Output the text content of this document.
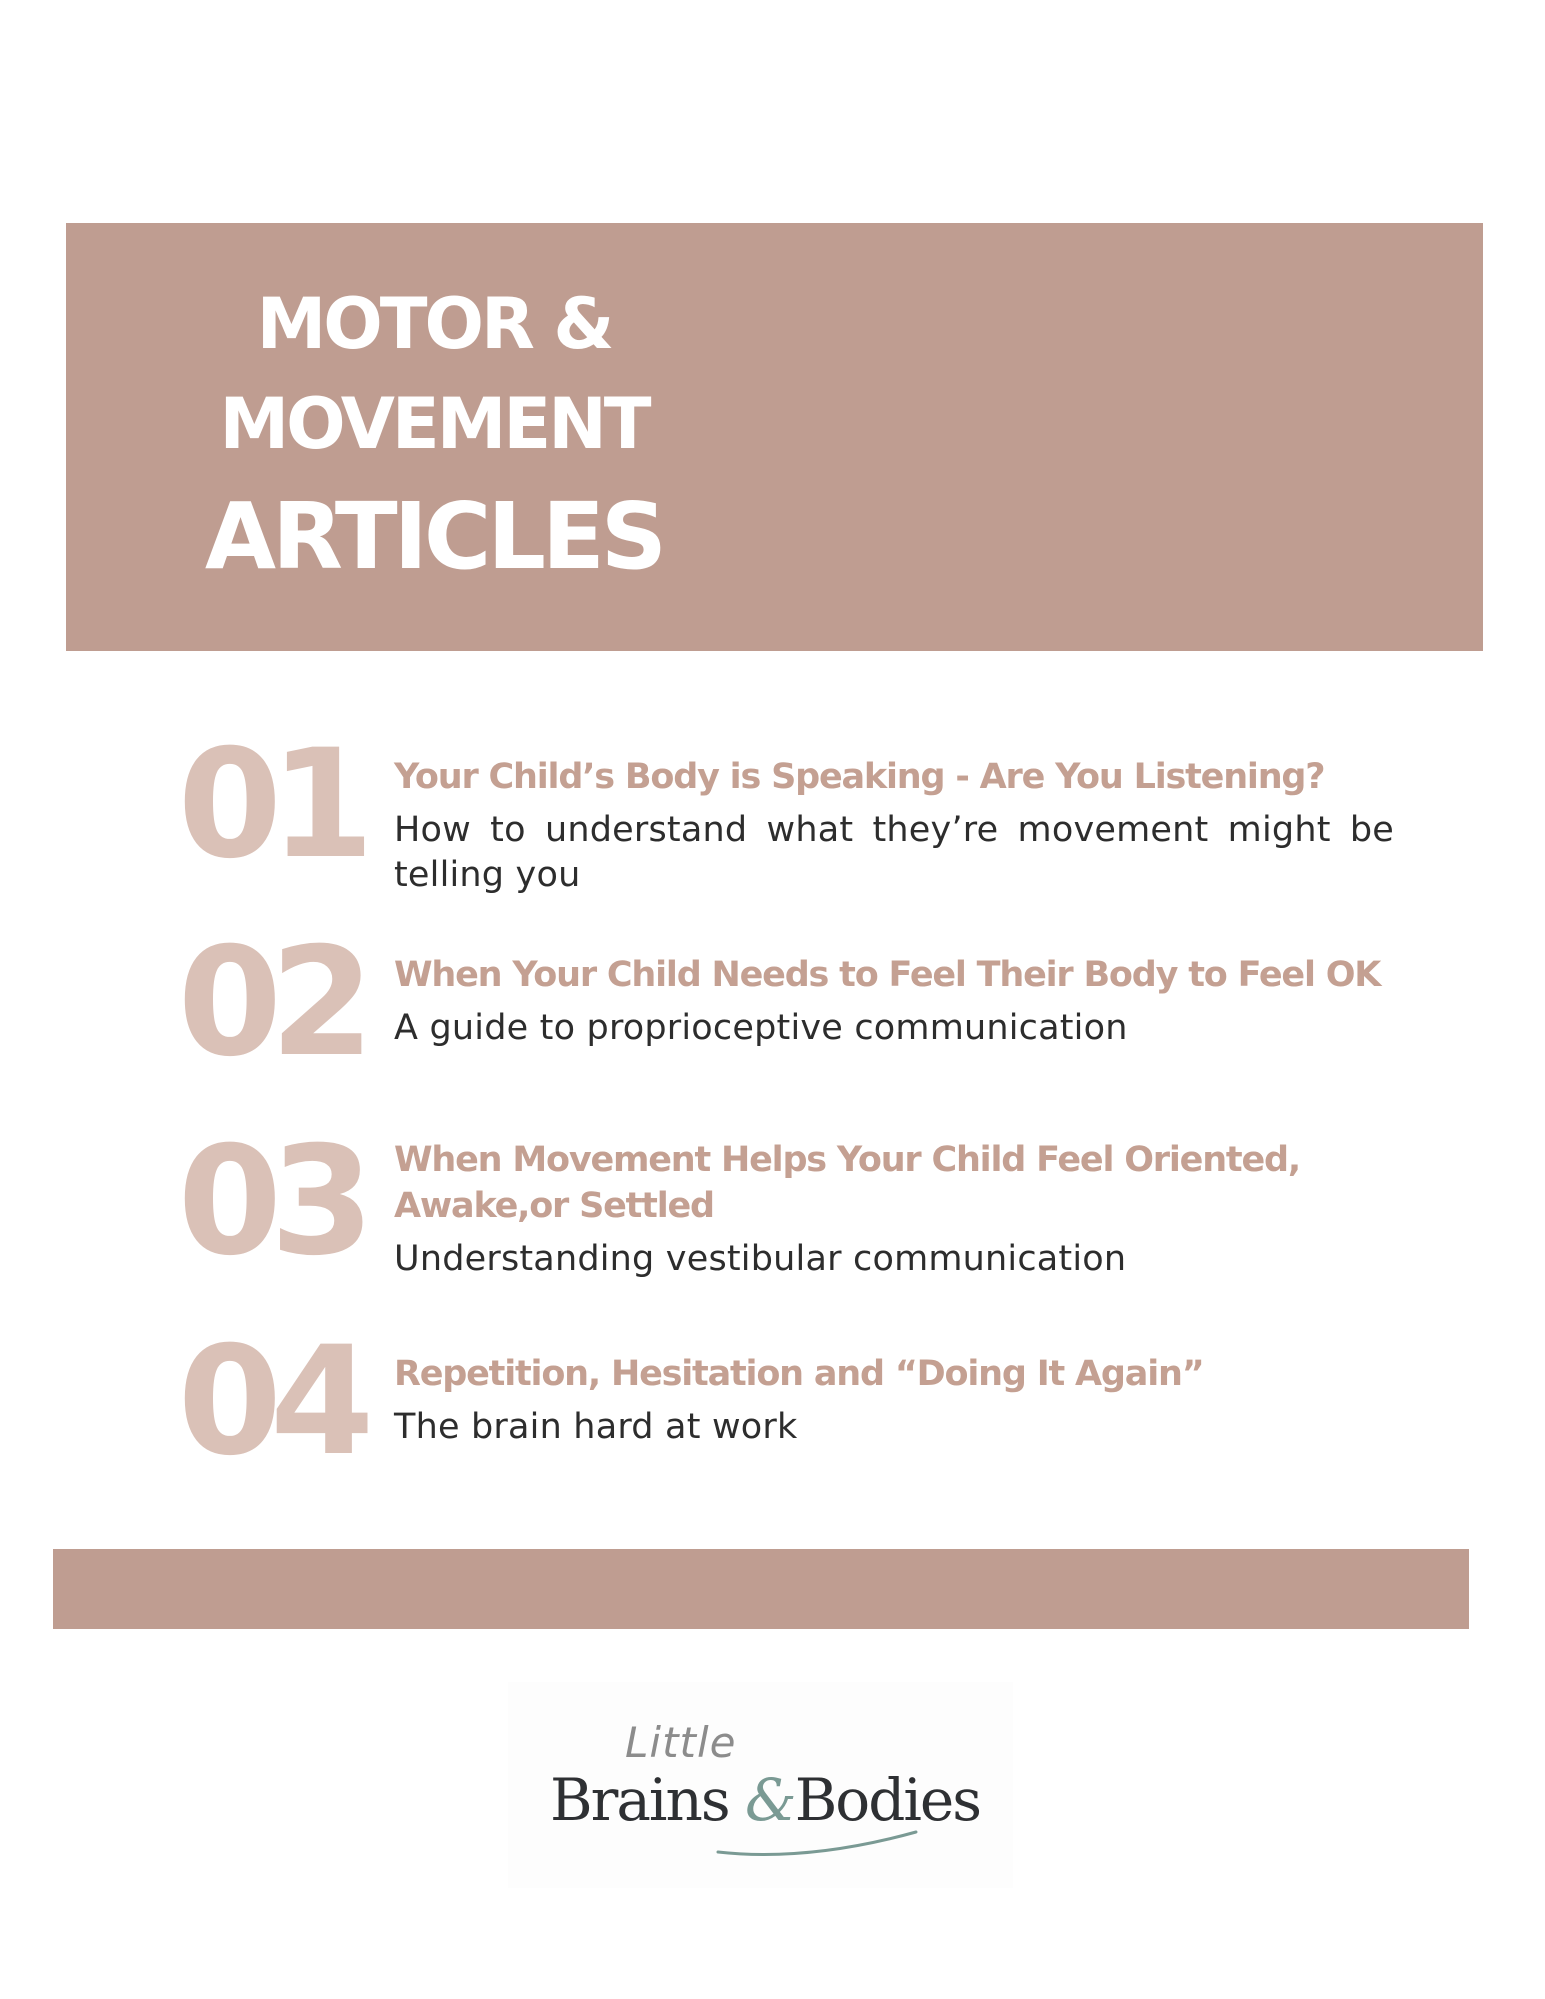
MOTOR &
MOVEMENT
ARTICLES
01 Your Child’s Body is Speaking - Are You Listening?
How to understand what they’re movement might be telling you
02 When Your Child Needs to Feel Their Body to Feel OK
A guide to proprioceptive communication
03 When Movement Helps Your Child Feel Oriented, Awake,or Settled
Understanding vestibular communication
04 Repetition, Hesitation and “Doing It Again”
The brain hard at work
Little
Brains &Bodies
